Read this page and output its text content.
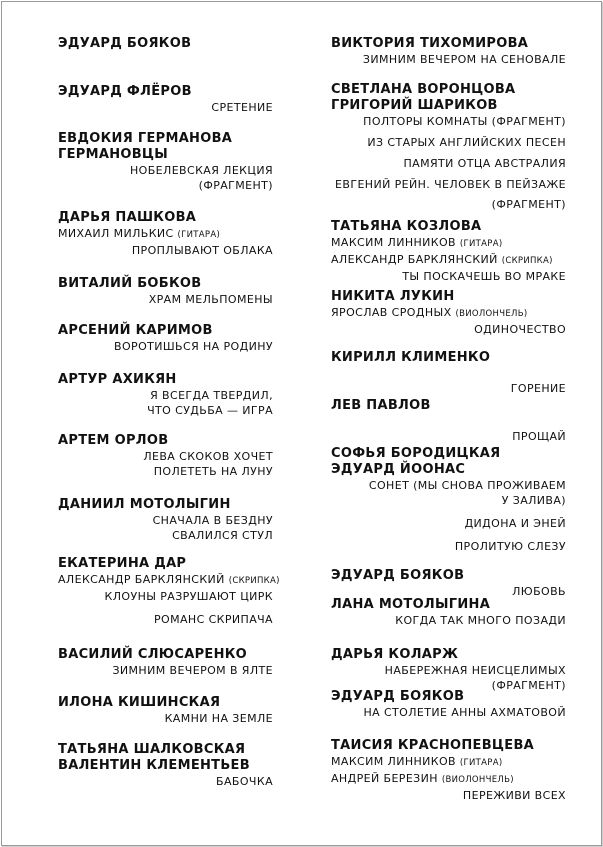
ЭДУАРД БОЯКОВ
ЭДУАРД ФЛЁРОВ
СРЕТЕНИЕ
ЕВДОКИЯ ГЕРМАНОВА
ГЕРМАНОВЦЫ
НОБЕЛЕВСКАЯ ЛЕКЦИЯ
(ФРАГМЕНТ)
ДАРЬЯ ПАШКОВА
МИХАИЛ МИЛЬКИС (ГИТАРА)
ПРОПЛЫВАЮТ ОБЛАКА
ВИТАЛИЙ БОБКОВ
ХРАМ МЕЛЬПОМЕНЫ
АРСЕНИЙ КАРИМОВ
ВОРОТИШЬСЯ НА РОДИНУ
АРТУР АХИКЯН
Я ВСЕГДА ТВЕРДИЛ,
ЧТО СУДЬБА — ИГРА
АРТЕМ ОРЛОВ
ЛЕВА СКОКОВ ХОЧЕТ
ПОЛЕТЕТЬ НА ЛУНУ
ДАНИИЛ МОТОЛЫГИН
СНАЧАЛА В БЕЗДНУ
СВАЛИЛСЯ СТУЛ
ЕКАТЕРИНА ДАР
АЛЕКСАНДР БАРКЛЯНСКИЙ (СКРИПКА)
КЛОУНЫ РАЗРУШАЮТ ЦИРК
РОМАНС СКРИПАЧА
ВАСИЛИЙ СЛЮСАРЕНКО
ЗИМНИМ ВЕЧЕРОМ В ЯЛТЕ
ИЛОНА КИШИНСКАЯ
КАМНИ НА ЗЕМЛЕ
ТАТЬЯНА ШАЛКОВСКАЯ
ВАЛЕНТИН КЛЕМЕНТЬЕВ
БАБОЧКА
ВИКТОРИЯ ТИХОМИРОВА
ЗИМНИМ ВЕЧЕРОМ НА СЕНОВАЛЕ
СВЕТЛАНА ВОРОНЦОВА
ГРИГОРИЙ ШАРИКОВ
ПОЛТОРЫ КОМНАТЫ (ФРАГМЕНТ)
ИЗ СТАРЫХ АНГЛИЙСКИХ ПЕСЕН
ПАМЯТИ ОТЦА АВСТРАЛИЯ
ЕВГЕНИЙ РЕЙН. ЧЕЛОВЕК В ПЕЙЗАЖЕ
(ФРАГМЕНТ)
ТАТЬЯНА КОЗЛОВА
МАКСИМ ЛИННИКОВ (ГИТАРА)
АЛЕКСАНДР БАРКЛЯНСКИЙ (СКРИПКА)
ТЫ ПОСКАЧЕШЬ ВО МРАКЕ
НИКИТА ЛУКИН
ЯРОСЛАВ СРОДНЫХ (ВИОЛОНЧЕЛЬ)
ОДИНОЧЕСТВО
КИРИЛЛ КЛИМЕНКО

ГОРЕНИЕ
ЛЕВ ПАВЛОВ

ПРОЩАЙ
СОФЬЯ БОРОДИЦКАЯ
ЭДУАРД ЙООНАС
СОНЕТ (МЫ СНОВА ПРОЖИВАЕМ
У ЗАЛИВА)
ДИДОНА И ЭНЕЙ
ПРОЛИТУЮ СЛЕЗУ
ЭДУАРД БОЯКОВ
ЛЮБОВЬ
ЛАНА МОТОЛЫГИНА
КОГДА ТАК МНОГО ПОЗАДИ
ДАРЬЯ КОЛАРЖ
НАБЕРЕЖНАЯ НЕИСЦЕЛИМЫХ
(ФРАГМЕНТ)
ЭДУАРД БОЯКОВ
НА СТОЛЕТИЕ АННЫ АХМАТОВОЙ
ТАИСИЯ КРАСНОПЕВЦЕВА
МАКСИМ ЛИННИКОВ (ГИТАРА)
АНДРЕЙ БЕРЕЗИН (ВИОЛОНЧЕЛЬ)
ПЕРЕЖИВИ ВСЕХ
